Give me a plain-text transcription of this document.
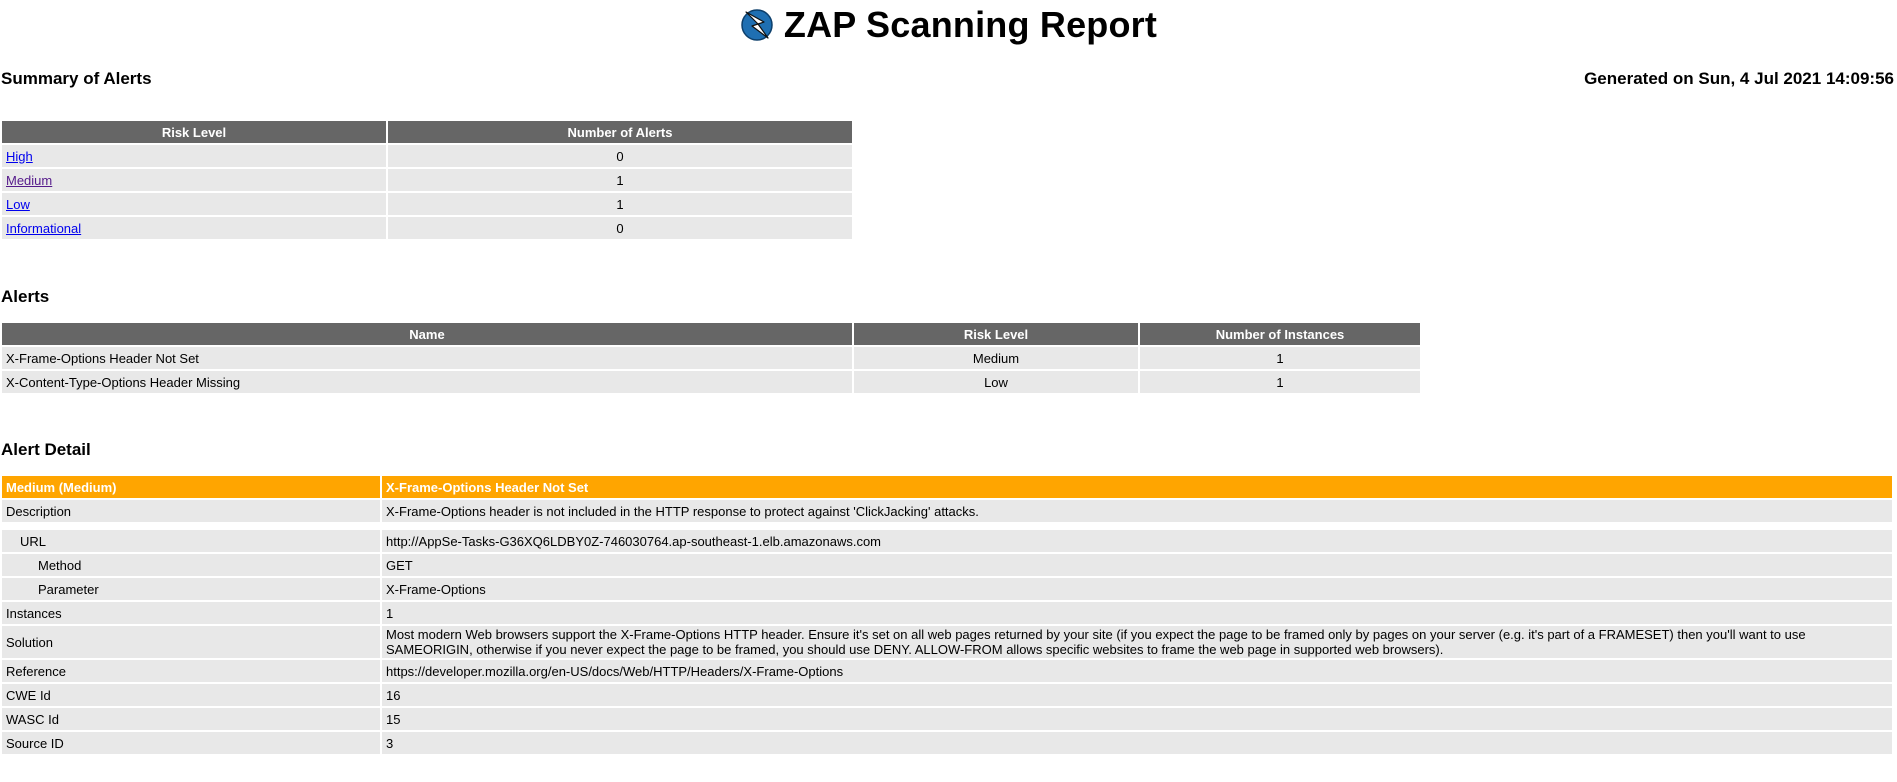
ZAP Scanning Report
Summary of Alerts	Generated on Sun, 4 Jul 2021 14:09:56
Risk Level	Number of Alerts
High	0
Medium	1
Low	1
Informational	0
Alerts
Name	Risk Level	Number of Instances
X-Frame-Options Header Not Set	Medium	1
X-Content-Type-Options Header Missing	Low	1
Alert Detail
Medium (Medium)	X-Frame-Options Header Not Set
Description	X-Frame-Options header is not included in the HTTP response to protect against 'ClickJacking' attacks.

URL	http://AppSe-Tasks-G36XQ6LDBY0Z-746030764.ap-southeast-1.elb.amazonaws.com
Method	GET
Parameter	X-Frame-Options
Instances	1
Solution	Most modern Web browsers support the X-Frame-Options HTTP header. Ensure it's set on all web pages returned by your site (if you expect the page to be framed only by pages on your server (e.g. it's part of a FRAMESET) then you'll want to use SAMEORIGIN, otherwise if you never expect the page to be framed, you should use DENY. ALLOW-FROM allows specific websites to frame the web page in supported web browsers).
Reference	https://developer.mozilla.org/en-US/docs/Web/HTTP/Headers/X-Frame-Options
CWE Id	16
WASC Id	15
Source ID	3
